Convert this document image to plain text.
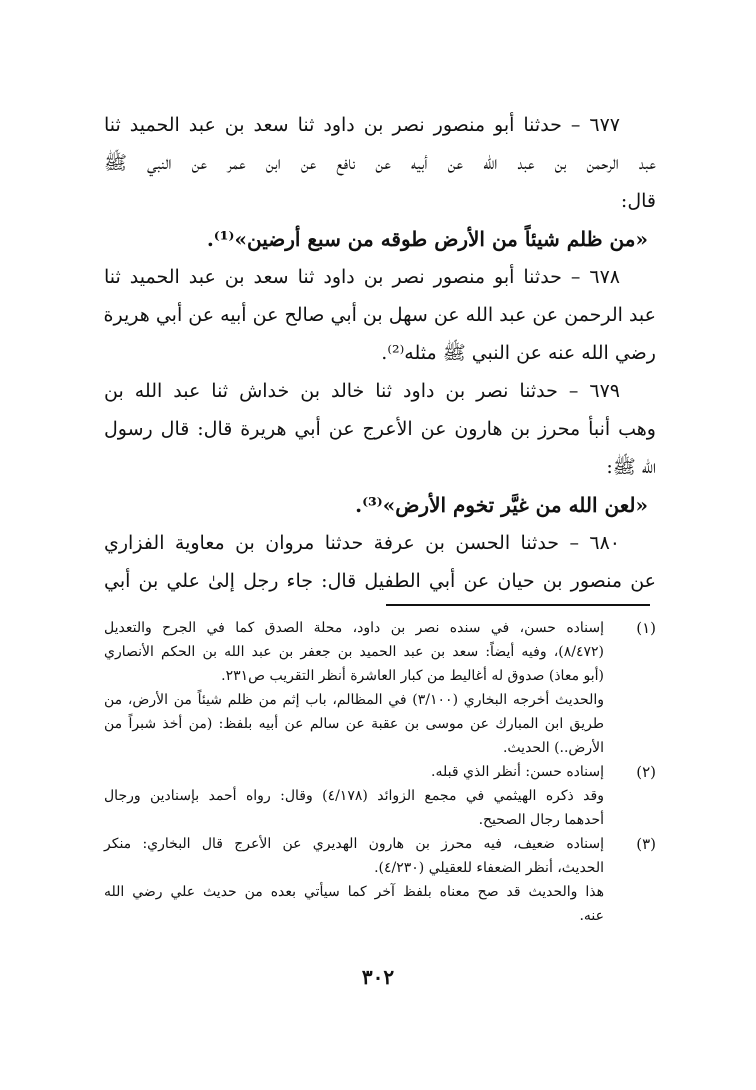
٦٧٧ – حدثنا أبو منصور نصر بن داود ثنا سعد بن عبد الحميد ثنا
عبد الرحمن بن عبد الله عن أبيه عن نافع عن ابن عمر عن النبي ﷺ
قال:
«من ظلم شيئاً من الأرض طوقه من سبع أرضين»⁽¹⁾.
٦٧٨ – حدثنا أبو منصور نصر بن داود ثنا سعد بن عبد الحميد ثنا
عبد الرحمن عن عبد الله عن سهل بن أبي صالح عن أبيه عن أبي هريرة
رضي الله عنه عن النبي ﷺ مثله⁽²⁾.
٦٧٩ – حدثنا نصر بن داود ثنا خالد بن خداش ثنا عبد الله بن
وهب أنبأ محرز بن هارون عن الأعرج عن أبي هريرة قال: قال رسول
الله ﷺ:
«لعن الله من غيَّر تخوم الأرض»⁽³⁾.
٦٨٠ – حدثنا الحسن بن عرفة حدثنا مروان بن معاوية الفزاري
عن منصور بن حيان عن أبي الطفيل قال: جاء رجل إلىٰ علي بن أبي
(١)
إسناده حسن، في سنده نصر بن داود، محلة الصدق كما في الجرح والتعديل
(٨/٤٧٢)، وفيه أيضاً: سعد بن عبد الحميد بن جعفر بن عبد الله بن الحكم الأنصاري
(أبو معاذ) صدوق له أغاليط من كبار العاشرة أنظر التقريب ص٢٣١.
والحديث أخرجه البخاري (٣/١٠٠) في المظالم، باب إثم من ظلم شيئاً من الأرض، من
طريق ابن المبارك عن موسى بن عقبة عن سالم عن أبيه بلفظ: (من أخذ شبراً من
الأرض..) الحديث.
(٢)
إسناده حسن: أنظر الذي قبله.
وقد ذكره الهيثمي في مجمع الزوائد (٤/١٧٨) وقال: رواه أحمد بإسنادين ورجال
أحدهما رجال الصحيح.
(٣)
إسناده ضعيف، فيه محرز بن هارون الهديري عن الأعرج قال البخاري: منكر
الحديث، أنظر الضعفاء للعقيلي (٤/٢٣٠).
هذا والحديث قد صح معناه بلفظ آخر كما سيأتي بعده من حديث علي رضي الله
عنه.
٣٠٢
